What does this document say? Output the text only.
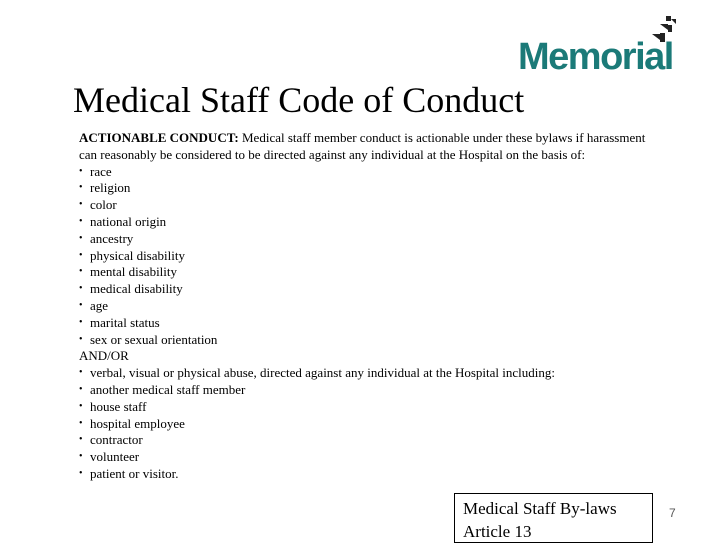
Memorial
Medical Staff Code of Conduct

ACTIONABLE CONDUCT: Medical staff member conduct is actionable under these bylaws if harassment can reasonably be considered to be directed against any individual at the Hospital on the basis of:

• race
• religion
• color
• national origin
• ancestry
• physical disability
• mental disability
• medical disability
• age
• marital status
• sex or sexual orientation

AND/OR

• verbal, visual or physical abuse, directed against any individual at the Hospital including:
• another medical staff member
• house staff
• hospital employee
• contractor
• volunteer
• patient or visitor.
Medical Staff By-laws
Article 13
7
